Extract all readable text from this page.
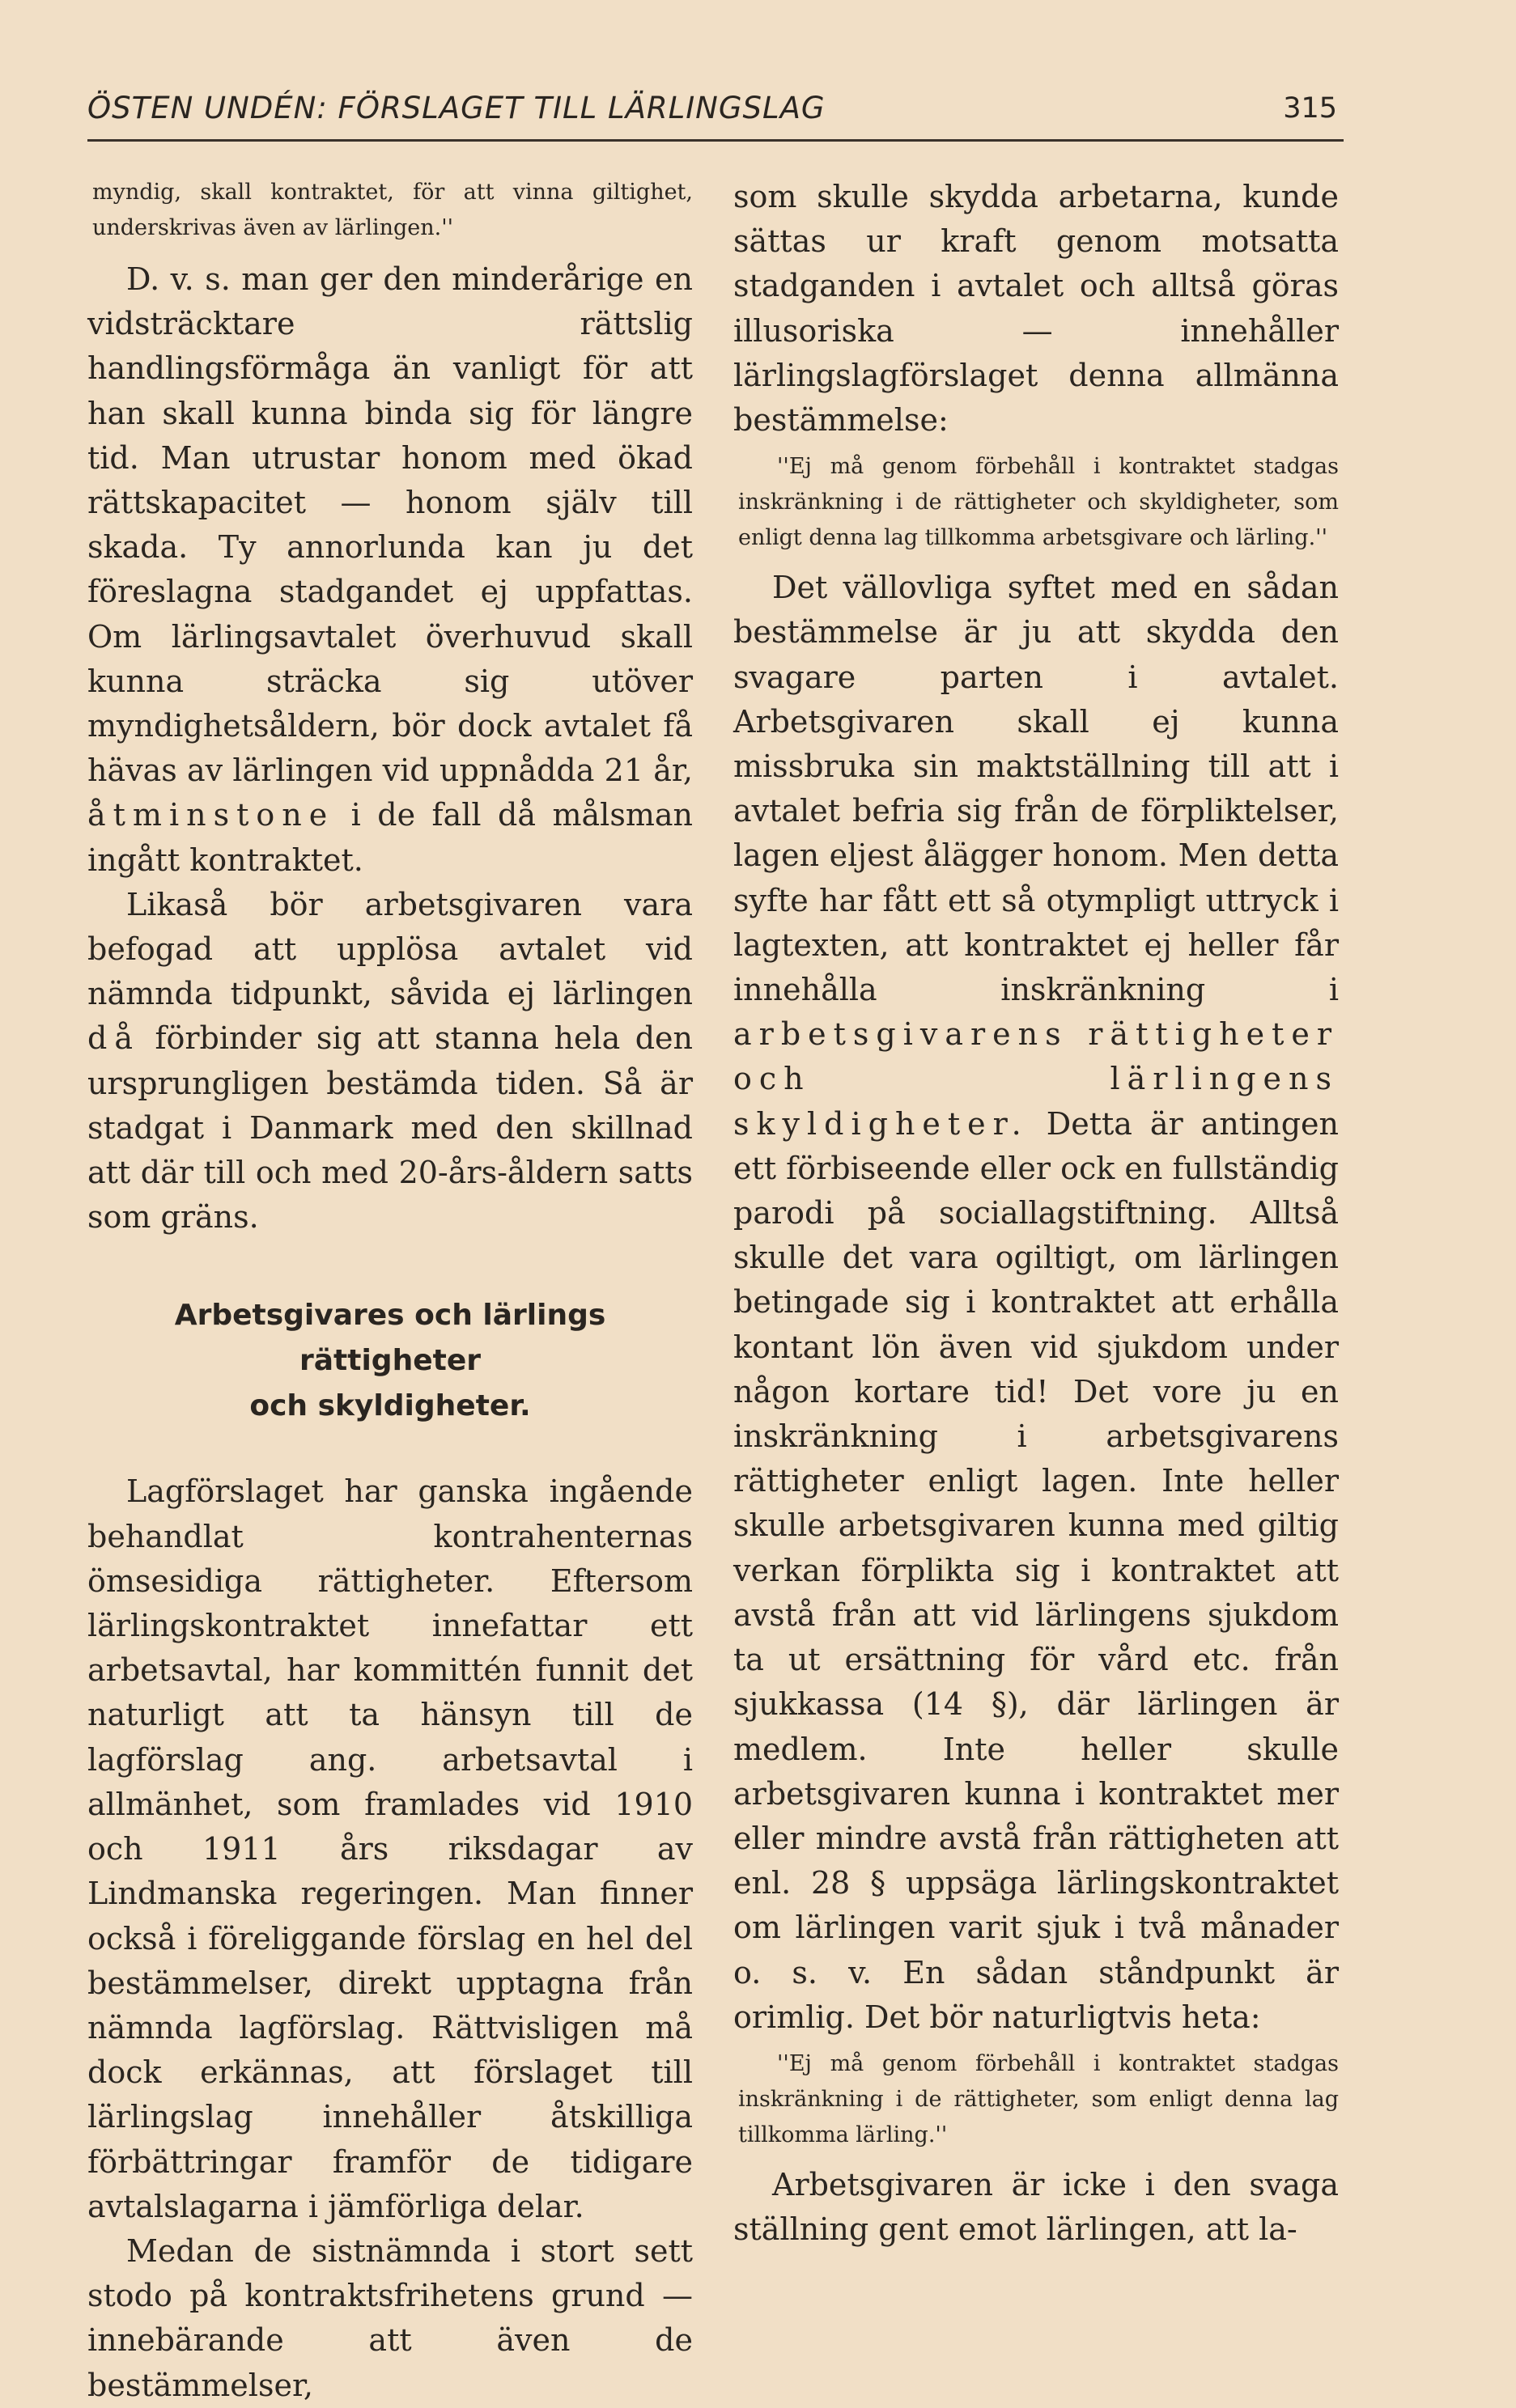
ÖSTEN UNDÉN: FÖRSLAGET TILL LÄRLINGSLAG	315

myndig, skall kontraktet, för att vinna giltighet, underskrivas även av lärlingen.''

D. v. s. man ger den minderårige en vidsträcktare rättslig handlingsförmåga än vanligt för att han skall kunna binda sig för längre tid. Man utrustar honom med ökad rättskapacitet — honom själv till skada. Ty annorlunda kan ju det föreslagna stadgandet ej uppfattas. Om lärlingsavtalet överhuvud skall kunna sträcka sig utöver myndighetsåldern, bör dock avtalet få hävas av lärlingen vid uppnådda 21 år, åtminstone i de fall då målsman ingått kontraktet.

Likaså bör arbetsgivaren vara befogad att upplösa avtalet vid nämnda tidpunkt, såvida ej lärlingen då förbinder sig att stanna hela den ursprungligen bestämda tiden. Så är stadgat i Danmark med den skillnad att där till och med 20-års-åldern satts som gräns.

Arbetsgivares och lärlings rättigheter
och skyldigheter.

Lagförslaget har ganska ingående behandlat kontrahenternas ömsesidiga rättigheter. Eftersom lärlingskontraktet innefattar ett arbetsavtal, har kommittén funnit det naturligt att ta hänsyn till de lagförslag ang. arbetsavtal i allmänhet, som framlades vid 1910 och 1911 års riksdagar av Lindmanska regeringen. Man finner också i föreliggande förslag en hel del bestämmelser, direkt upptagna från nämnda lagförslag. Rättvisligen må dock erkännas, att förslaget till lärlingslag innehåller åtskilliga förbättringar framför de tidigare avtalslagarna i jämförliga delar.

Medan de sistnämnda i stort sett stodo på kontraktsfrihetens grund — innebärande att även de bestämmelser,

som skulle skydda arbetarna, kunde sättas ur kraft genom motsatta stadganden i avtalet och alltså göras illusoriska — innehåller lärlingslagförslaget denna allmänna bestämmelse:

''Ej må genom förbehåll i kontraktet stadgas inskränkning i de rättigheter och skyldigheter, som enligt denna lag tillkomma arbetsgivare och lärling.''

Det vällovliga syftet med en sådan bestämmelse är ju att skydda den svagare parten i avtalet. Arbetsgivaren skall ej kunna missbruka sin maktställning till att i avtalet befria sig från de förpliktelser, lagen eljest ålägger honom. Men detta syfte har fått ett så otympligt uttryck i lagtexten, att kontraktet ej heller får innehålla inskränkning i arbetsgivarens rättigheter och lärlingens skyldigheter. Detta är antingen ett förbiseende eller ock en fullständig parodi på sociallagstiftning. Alltså skulle det vara ogiltigt, om lärlingen betingade sig i kontraktet att erhålla kontant lön även vid sjukdom under någon kortare tid! Det vore ju en inskränkning i arbetsgivarens rättigheter enligt lagen. Inte heller skulle arbetsgivaren kunna med giltig verkan förplikta sig i kontraktet att avstå från att vid lärlingens sjukdom ta ut ersättning för vård etc. från sjukkassa (14 §), där lärlingen är medlem. Inte heller skulle arbetsgivaren kunna i kontraktet mer eller mindre avstå från rättigheten att enl. 28 § uppsäga lärlingskontraktet om lärlingen varit sjuk i två månader o. s. v. En sådan ståndpunkt är orimlig. Det bör naturligtvis heta:

''Ej må genom förbehåll i kontraktet stadgas inskränkning i de rättigheter, som enligt denna lag tillkomma lärling.''

Arbetsgivaren är icke i den svaga ställning gent emot lärlingen, att la-
